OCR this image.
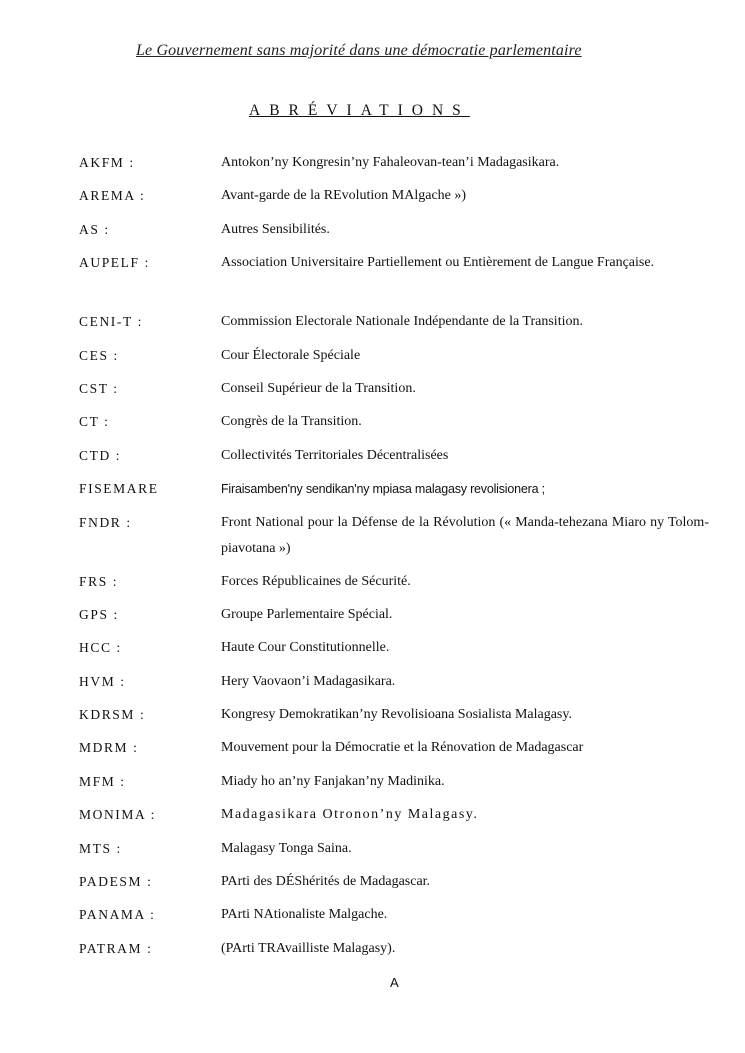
Le Gouvernement sans majorité dans une démocratie parlementaire
ABRÉVIATIONS
AKFM :	Antokon’ny Kongresin’ny Fahaleovan-tean’i Madagasikara.
AREMA :	Avant-garde de la REvolution MAlgache »)
AS :	Autres Sensibilités.
AUPELF :	Association Universitaire Partiellement ou Entièrement de Langue Française.
CENI-T :	Commission Electorale Nationale Indépendante de la Transition.
CES :	Cour Électorale Spéciale
CST :	Conseil Supérieur de la Transition.
CT :	Congrès de la Transition.
CTD :	Collectivités Territoriales Décentralisées
FISEMARE	Firaisamben'ny sendikan'ny mpiasa malagasy revolisionera ;
FNDR :	Front National pour la Défense de la Révolution (« Manda-tehezana Miaro ny Tolom-piavotana »)
FRS :	Forces Républicaines de Sécurité.
GPS :	Groupe Parlementaire Spécial.
HCC :	Haute Cour Constitutionnelle.
HVM :	Hery Vaovaon’i Madagasikara.
KDRSM :	Kongresy Demokratikan’ny Revolisioana Sosialista Malagasy.
MDRM :	Mouvement pour la Démocratie et la Rénovation de Madagascar
MFM :	Miady ho an’ny Fanjakan’ny Madinika.
MONIMA :	Madagasikara Otronon’ny Malagasy.
MTS :	Malagasy Tonga Saina.
PADESM :	PArti des DÉShérités de Madagascar.
PANAMA :	PArti NAtionaliste Malgache.
PATRAM :	(PArti TRAvailliste Malagasy).
A
